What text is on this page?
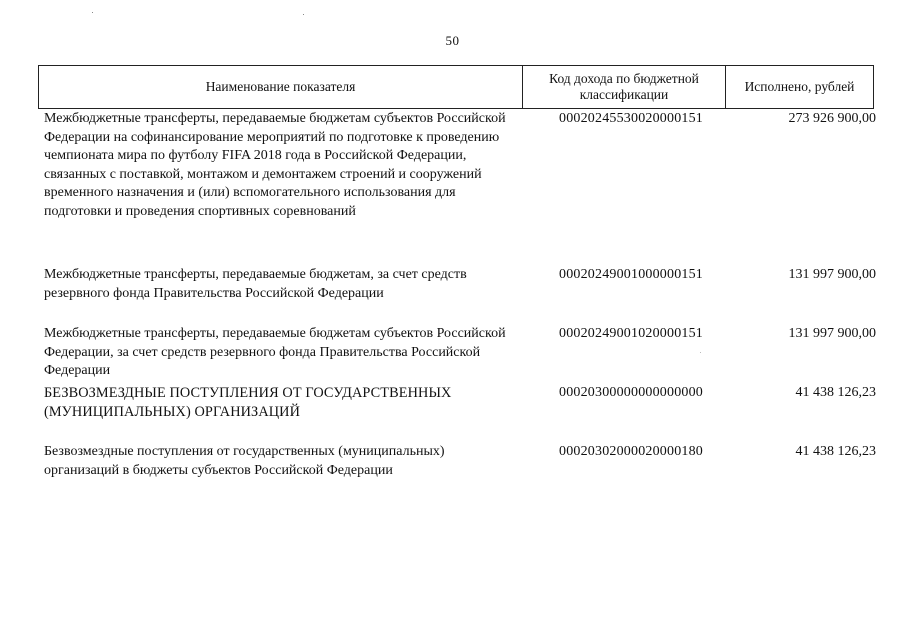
50
Наименование показателя
Код дохода по бюджетной классификации
Исполнено, рублей
Межбюджетные трансферты, передаваемые бюджетам субъектов Российской Федерации на софинансирование мероприятий по подготовке к проведению чемпионата мира по футболу FIFA 2018 года в Российской Федерации, связанных с поставкой, монтажом и демонтажем строений и сооружений временного назначения и (или) вспомогательного использования для подготовки и проведения спортивных соревнований
00020245530020000151	273 926 900,00
Межбюджетные трансферты, передаваемые бюджетам, за счет средств резервного фонда Правительства Российской Федерации
00020249001000000151	131 997 900,00
Межбюджетные трансферты, передаваемые бюджетам субъектов Российской Федерации, за счет средств резервного фонда Правительства Российской Федерации
00020249001020000151	131 997 900,00
БЕЗВОЗМЕЗДНЫЕ ПОСТУПЛЕНИЯ ОТ ГОСУДАРСТВЕННЫХ (МУНИЦИПАЛЬНЫХ) ОРГАНИЗАЦИЙ
00020300000000000000	41 438 126,23
Безвозмездные поступления от государственных (муниципальных) организаций в бюджеты субъектов Российской Федерации
00020302000020000180	41 438 126,23
